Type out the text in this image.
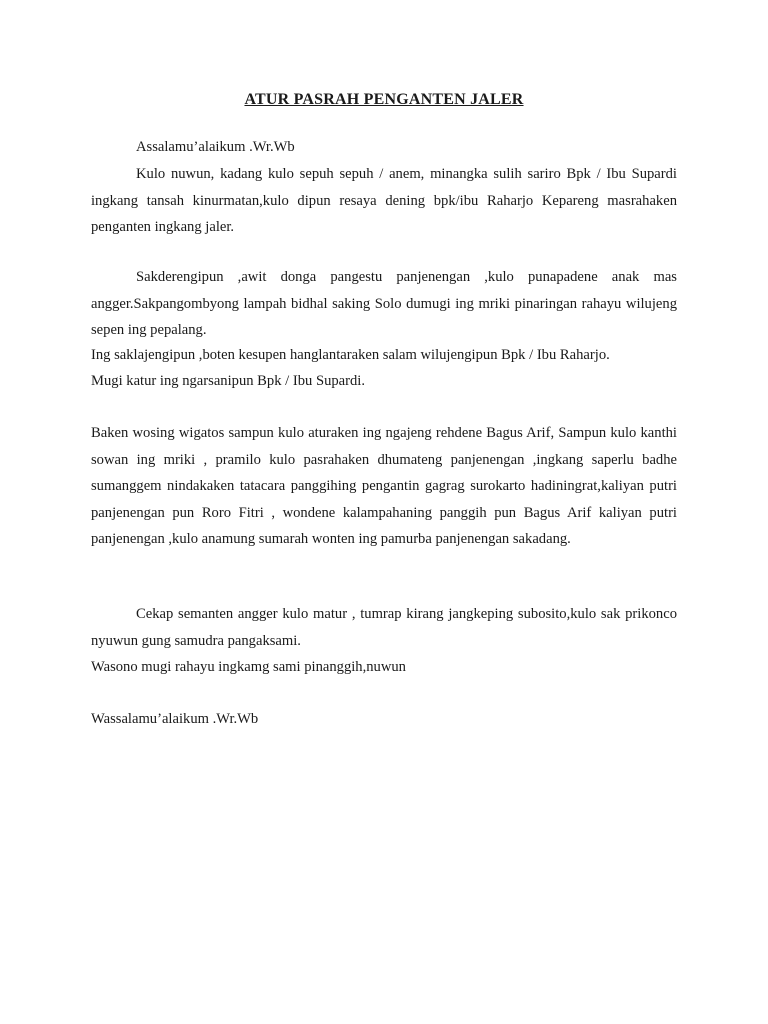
ATUR PASRAH PENGANTEN JALER
Assalamu’alaikum .Wr.Wb

Kulo nuwun, kadang kulo sepuh sepuh / anem, minangka sulih sariro Bpk / Ibu Supardi ingkang tansah kinurmatan,kulo dipun resaya dening bpk/ibu Raharjo Kepareng masrahaken penganten ingkang jaler.

Sakderengipun ,awit donga pangestu panjenengan ,kulo punapadene anak mas angger.Sakpangombyong lampah bidhal saking Solo dumugi ing mriki pinaringan rahayu wilujeng sepen ing pepalang.

Ing saklajengipun ,boten kesupen hanglantaraken salam wilujengipun Bpk / Ibu Raharjo.
Mugi katur ing ngarsanipun Bpk / Ibu Supardi.

Baken wosing wigatos sampun kulo aturaken ing ngajeng rehdene Bagus Arif, Sampun kulo kanthi sowan ing mriki , pramilo kulo pasrahaken dhumateng panjenengan ,ingkang saperlu badhe sumanggem nindakaken tatacara panggihing pengantin gagrag surokarto hadiningrat,kaliyan putri panjenengan pun Roro Fitri , wondene kalampahaning panggih pun Bagus Arif kaliyan putri panjenengan ,kulo anamung sumarah wonten ing pamurba panjenengan sakadang.

Cekap semanten angger kulo matur , tumrap kirang jangkeping subosito,kulo sak prikonco nyuwun gung samudra pangaksami.

Wasono mugi rahayu ingkamg sami pinanggih,nuwun
Wassalamu’alaikum .Wr.Wb
